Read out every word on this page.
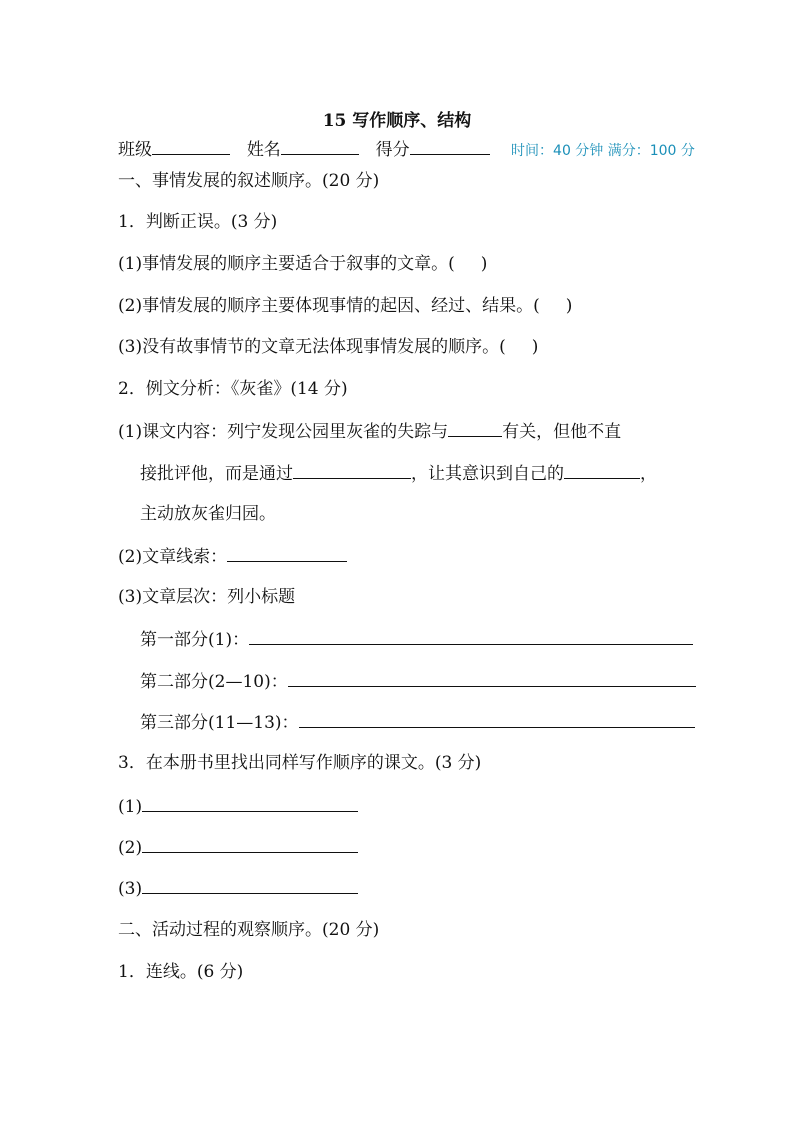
15 写作顺序、结构
班级	姓名	得分	时间：40 分钟 满分：100 分
一、事情发展的叙述顺序。(20 分)
1．判断正误。(3 分)
(1)事情发展的顺序主要适合于叙事的文章。( )
(2)事情发展的顺序主要体现事情的起因、经过、结果。( )
(3)没有故事情节的文章无法体现事情发展的顺序。( )
2．例文分析：《灰雀》(14 分)
(1)课文内容：列宁发现公园里灰雀的失踪与	有关，但他不直
接批评他，而是通过	，让其意识到自己的	，
主动放灰雀归园。
(2)文章线索：
(3)文章层次：列小标题
第一部分(1)：
第二部分(2—10)：
第三部分(11—13)：
3．在本册书里找出同样写作顺序的课文。(3 分)
(1)
(2)
(3)
二、活动过程的观察顺序。(20 分)
1．连线。(6 分)
